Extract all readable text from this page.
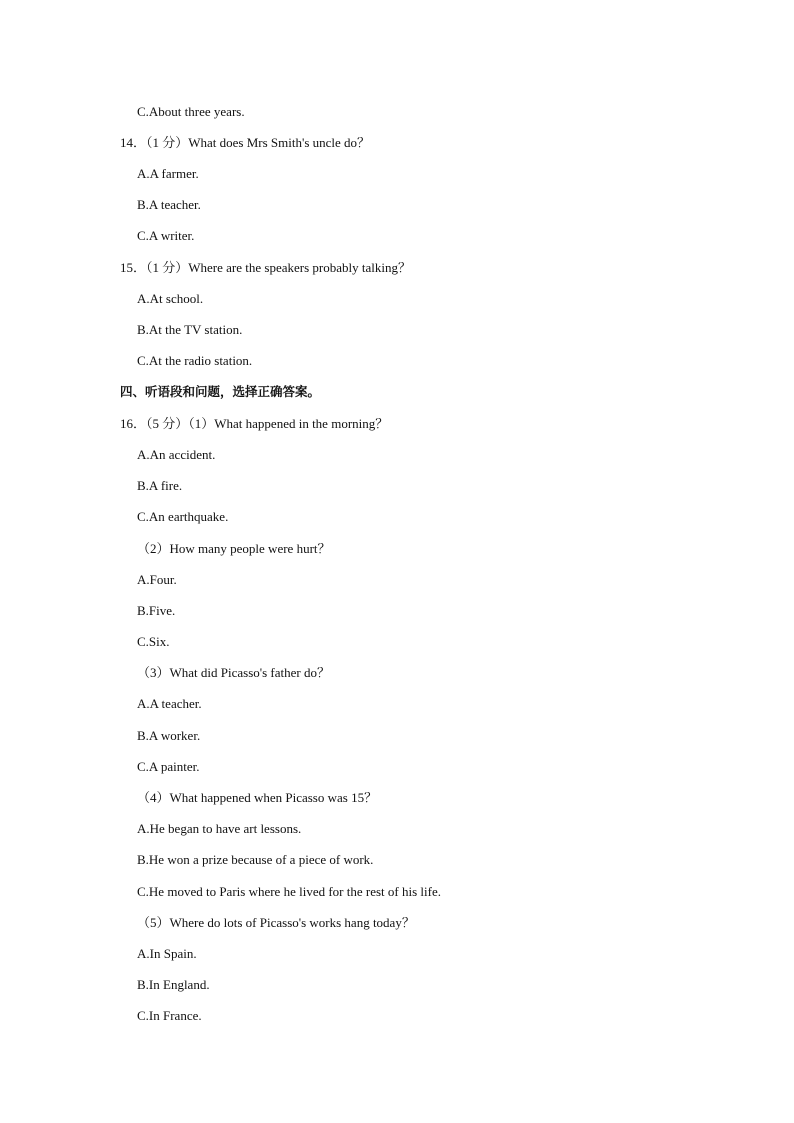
C.About three years.
14．（1 分）What does Mrs Smith's uncle do？
A.A farmer.
B.A teacher.
C.A writer.
15．（1 分）Where are the speakers probably talking？
A.At school.
B.At the TV station.
C.At the radio station.
四、听语段和问题，选择正确答案。
16．（5 分）（1）What happened in the morning？
A.An accident.
B.A fire.
C.An earthquake.
（2）How many people were hurt？
A.Four.
B.Five.
C.Six.
（3）What did Picasso's father do？
A.A teacher.
B.A worker.
C.A painter.
（4）What happened when Picasso was 15？
A.He began to have art lessons.
B.He won a prize because of a piece of work.
C.He moved to Paris where he lived for the rest of his life.
（5）Where do lots of Picasso's works hang today？
A.In Spain.
B.In England.
C.In France.
